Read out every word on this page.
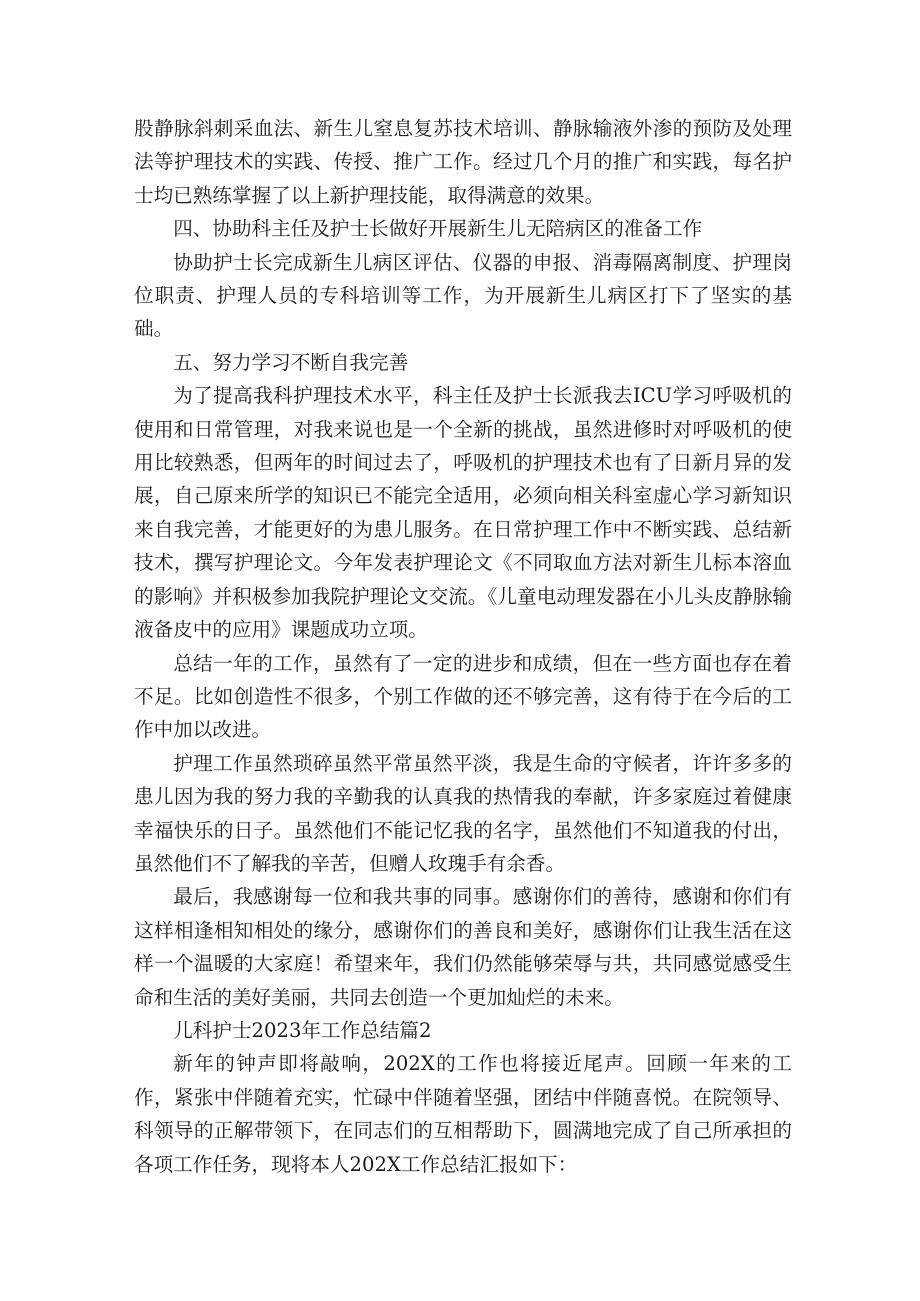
股静脉斜刺采血法、新生儿窒息复苏技术培训、静脉输液外渗的预防及处理法等护理技术的实践、传授、推广工作。经过几个月的推广和实践，每名护士均已熟练掌握了以上新护理技能，取得满意的效果。

四、协助科主任及护士长做好开展新生儿无陪病区的准备工作

协助护士长完成新生儿病区评估、仪器的申报、消毒隔离制度、护理岗位职责、护理人员的专科培训等工作，为开展新生儿病区打下了坚实的基础。

五、努力学习不断自我完善

为了提高我科护理技术水平，科主任及护士长派我去ICU学习呼吸机的使用和日常管理，对我来说也是一个全新的挑战，虽然进修时对呼吸机的使用比较熟悉，但两年的时间过去了，呼吸机的护理技术也有了日新月异的发展，自己原来所学的知识已不能完全适用，必须向相关科室虚心学习新知识来自我完善，才能更好的为患儿服务。在日常护理工作中不断实践、总结新技术，撰写护理论文。今年发表护理论文《不同取血方法对新生儿标本溶血的影响》并积极参加我院护理论文交流。《儿童电动理发器在小儿头皮静脉输液备皮中的应用》课题成功立项。

总结一年的工作，虽然有了一定的进步和成绩，但在一些方面也存在着不足。比如创造性不很多，个别工作做的还不够完善，这有待于在今后的工作中加以改进。

护理工作虽然琐碎虽然平常虽然平淡，我是生命的守候者，许许多多的患儿因为我的努力我的辛勤我的认真我的热情我的奉献，许多家庭过着健康幸福快乐的日子。虽然他们不能记忆我的名字，虽然他们不知道我的付出，虽然他们不了解我的辛苦，但赠人玫瑰手有余香。

最后，我感谢每一位和我共事的同事。感谢你们的善待，感谢和你们有这样相逢相知相处的缘分，感谢你们的善良和美好，感谢你们让我生活在这样一个温暖的大家庭！希望来年，我们仍然能够荣辱与共，共同感觉感受生命和生活的美好美丽，共同去创造一个更加灿烂的未来。

儿科护士2023年工作总结篇2

新年的钟声即将敲响，202X的工作也将接近尾声。回顾一年来的工作，紧张中伴随着充实，忙碌中伴随着坚强，团结中伴随喜悦。在院领导、科领导的正解带领下，在同志们的互相帮助下，圆满地完成了自己所承担的各项工作任务，现将本人202X工作总结汇报如下：
